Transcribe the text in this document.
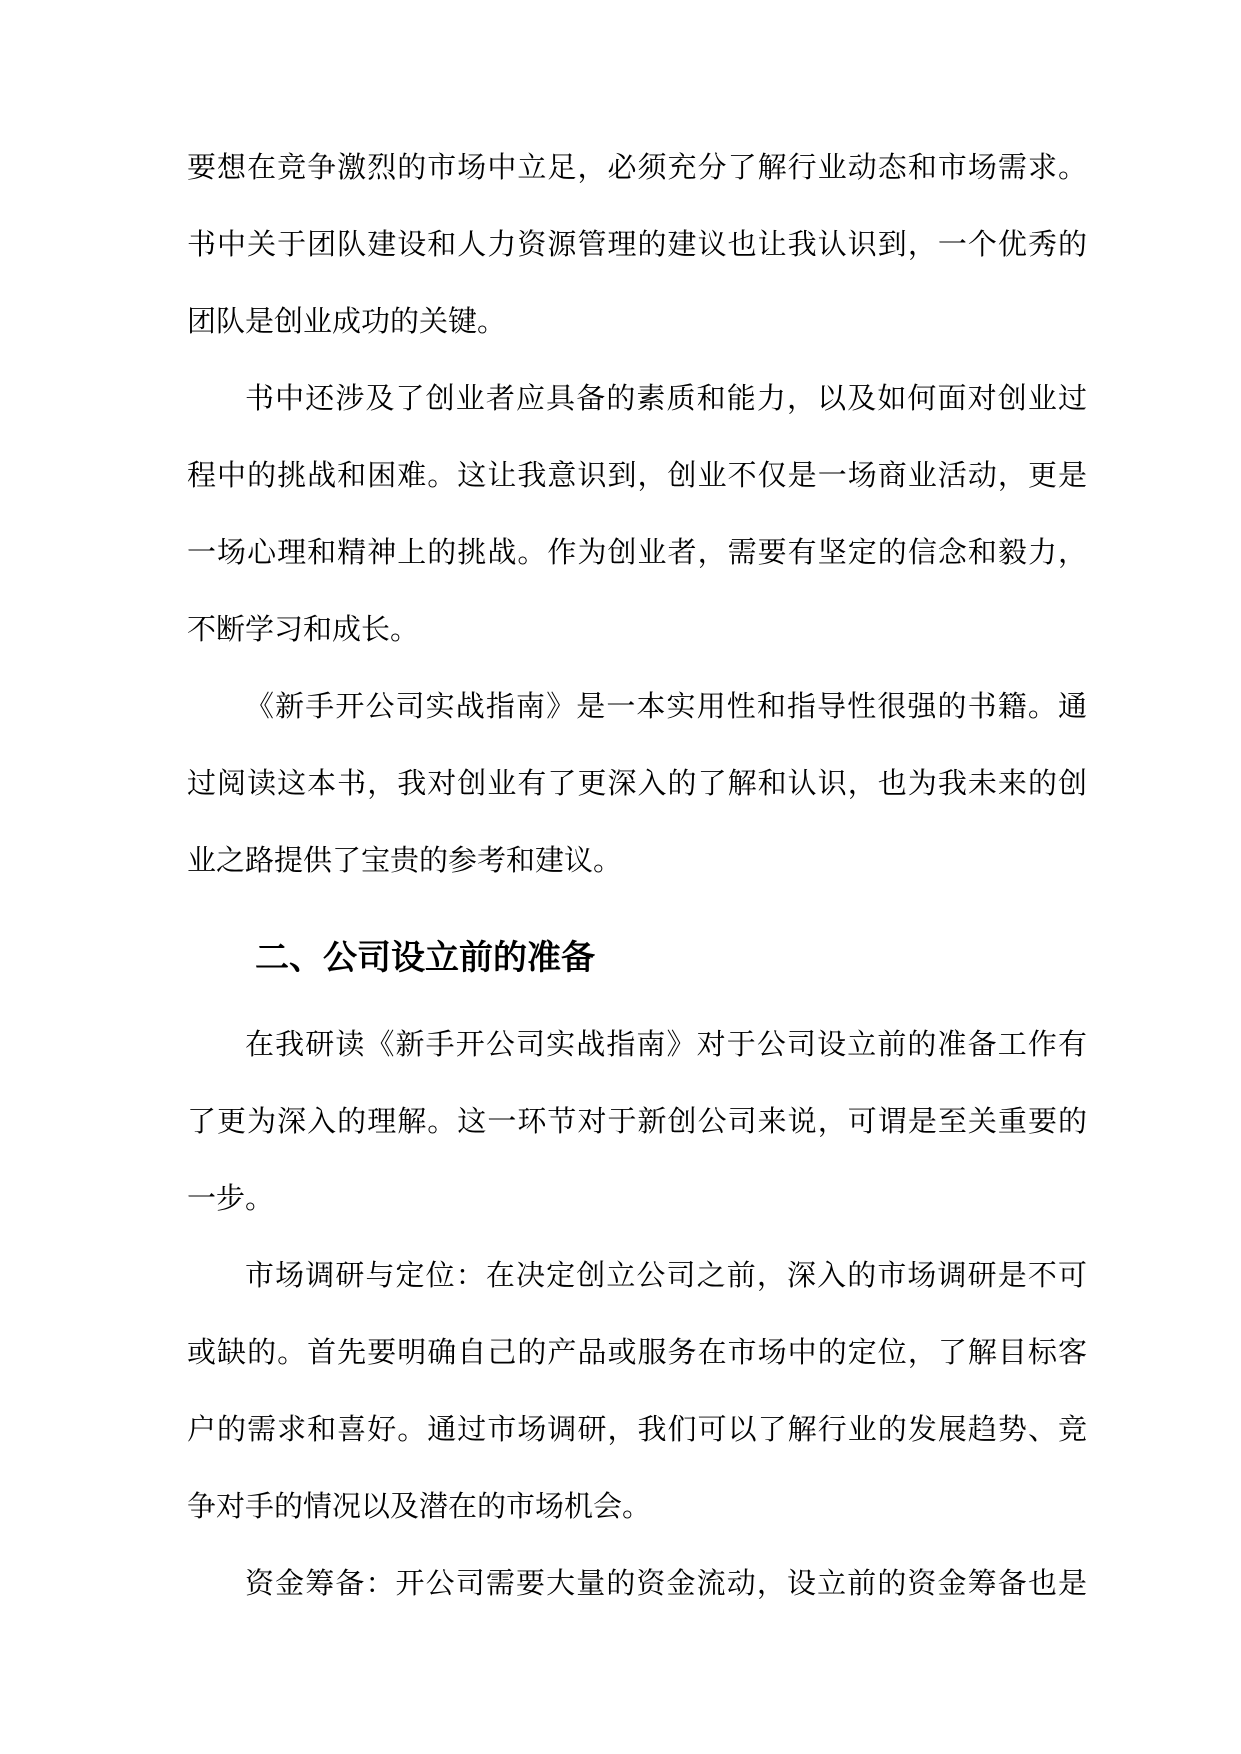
要想在竞争激烈的市场中立足，必须充分了解行业动态和市场需求。
书中关于团队建设和人力资源管理的建议也让我认识到，一个优秀的
团队是创业成功的关键。
书中还涉及了创业者应具备的素质和能力，以及如何面对创业过
程中的挑战和困难。这让我意识到，创业不仅是一场商业活动，更是
一场心理和精神上的挑战。作为创业者，需要有坚定的信念和毅力，
不断学习和成长。
《新手开公司实战指南》是一本实用性和指导性很强的书籍。通
过阅读这本书，我对创业有了更深入的了解和认识，也为我未来的创
业之路提供了宝贵的参考和建议。
二、公司设立前的准备
在我研读《新手开公司实战指南》对于公司设立前的准备工作有
了更为深入的理解。这一环节对于新创公司来说，可谓是至关重要的
一步。
市场调研与定位：在决定创立公司之前，深入的市场调研是不可
或缺的。首先要明确自己的产品或服务在市场中的定位，了解目标客
户的需求和喜好。通过市场调研，我们可以了解行业的发展趋势、竞
争对手的情况以及潜在的市场机会。
资金筹备：开公司需要大量的资金流动，设立前的资金筹备也是
